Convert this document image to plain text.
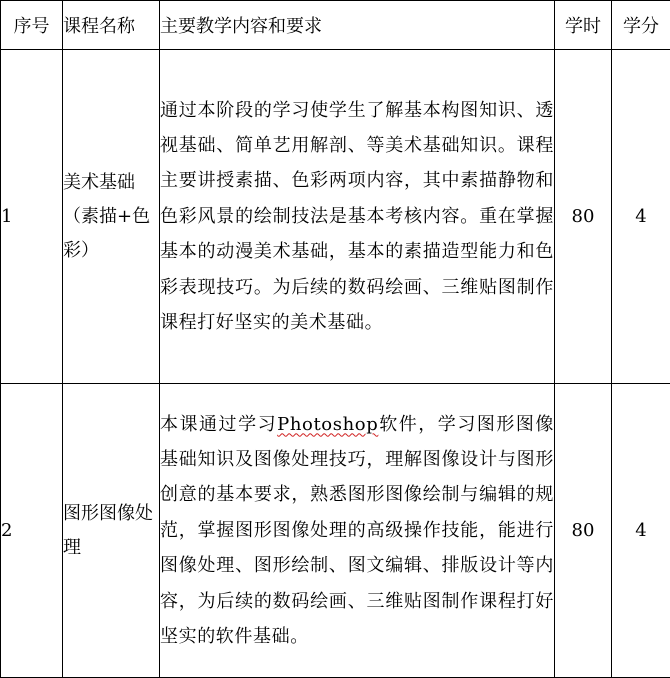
序号	课程名称	主要教学内容和要求	学时	学分
1	美术基础（素描+色彩）	通过本阶段的学习使学生了解基本构图知识、透视基础、简单艺用解剖、等美术基础知识。课程主要讲授素描、色彩两项内容，其中素描静物和色彩风景的绘制技法是基本考核内容。重在掌握基本的动漫美术基础，基本的素描造型能力和色彩表现技巧。为后续的数码绘画、三维贴图制作课程打好坚实的美术基础。	80	4
2	图形图像处理	本课通过学习Photoshop软件，学习图形图像基础知识及图像处理技巧，理解图像设计与图形创意的基本要求，熟悉图形图像绘制与编辑的规范，掌握图形图像处理的高级操作技能，能进行图像处理、图形绘制、图文编辑、排版设计等内容，为后续的数码绘画、三维贴图制作课程打好坚实的软件基础。	80	4
